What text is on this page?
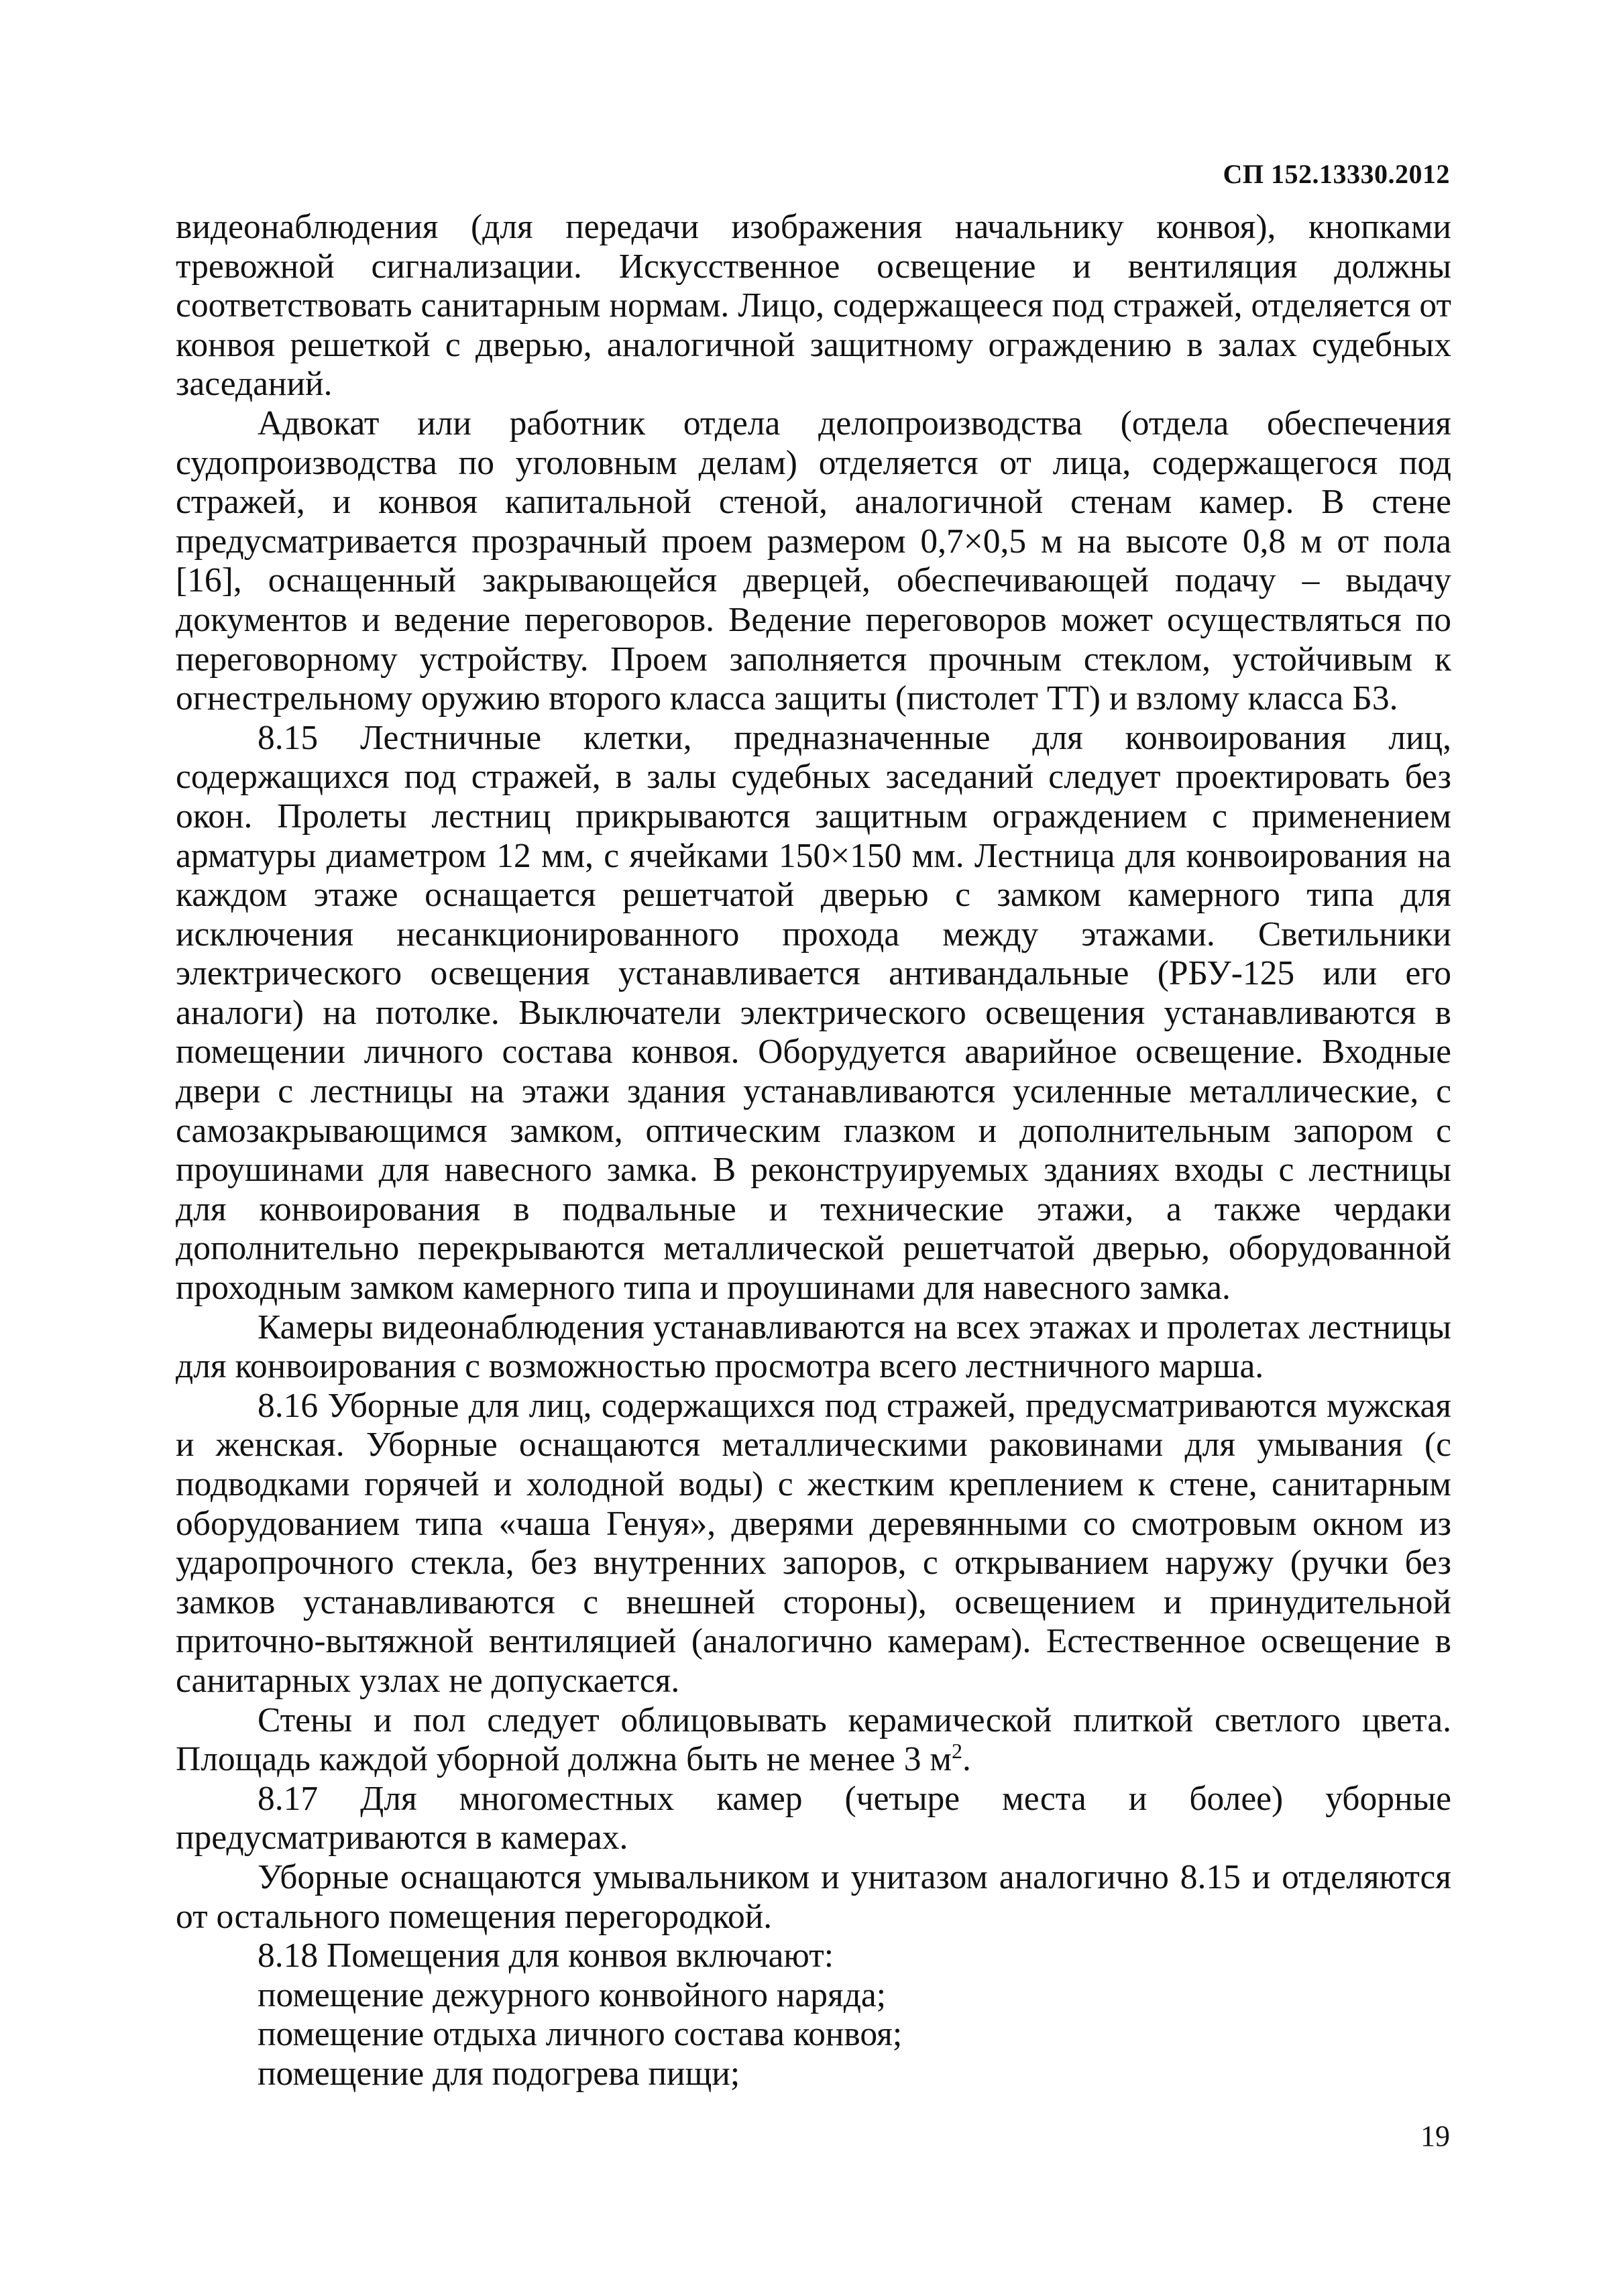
СП 152.13330.2012

видеонаблюдения (для передачи изображения начальнику конвоя), кнопками тревожной сигнализации. Искусственное освещение и вентиляция должны соответствовать санитарным нормам. Лицо, содержащееся под стражей, отделяется от конвоя решеткой с дверью, аналогичной защитному ограждению в залах судебных заседаний.

Адвокат или работник отдела делопроизводства (отдела обеспечения судопроизводства по уголовным делам) отделяется от лица, содержащегося под стражей, и конвоя капитальной стеной, аналогичной стенам камер. В стене предусматривается прозрачный проем размером 0,7×0,5 м на высоте 0,8 м от пола [16], оснащенный закрывающейся дверцей, обеспечивающей подачу – выдачу документов и ведение переговоров. Ведение переговоров может осуществляться по переговорному устройству. Проем заполняется прочным стеклом, устойчивым к огнестрельному оружию второго класса защиты (пистолет ТТ) и взлому класса Б3.

8.15 Лестничные клетки, предназначенные для конвоирования лиц, содержащихся под стражей, в залы судебных заседаний следует проектировать без окон. Пролеты лестниц прикрываются защитным ограждением с применением арматуры диаметром 12 мм, с ячейками 150×150 мм. Лестница для конвоирования на каждом этаже оснащается решетчатой дверью с замком камерного типа для исключения несанкционированного прохода между этажами. Светильники электрического освещения устанавливается антивандальные (РБУ-125 или его аналоги) на потолке. Выключатели электрического освещения устанавливаются в помещении личного состава конвоя. Оборудуется аварийное освещение. Входные двери с лестницы на этажи здания устанавливаются усиленные металлические, с самозакрывающимся замком, оптическим глазком и дополнительным запором с проушинами для навесного замка. В реконструируемых зданиях входы с лестницы для конвоирования в подвальные и технические этажи, а также чердаки дополнительно перекрываются металлической решетчатой дверью, оборудованной проходным замком камерного типа и проушинами для навесного замка.

Камеры видеонаблюдения устанавливаются на всех этажах и пролетах лестницы для конвоирования с возможностью просмотра всего лестничного марша.

8.16 Уборные для лиц, содержащихся под стражей, предусматриваются мужская и женская. Уборные оснащаются металлическими раковинами для умывания (с подводками горячей и холодной воды) с жестким креплением к стене, санитарным оборудованием типа «чаша Генуя», дверями деревянными со смотровым окном из ударопрочного стекла, без внутренних запоров, с открыванием наружу (ручки без замков устанавливаются с внешней стороны), освещением и принудительной приточно-вытяжной вентиляцией (аналогично камерам). Естественное освещение в санитарных узлах не допускается.

Стены и пол следует облицовывать керамической плиткой светлого цвета. Площадь каждой уборной должна быть не менее 3 $м^2$.

8.17 Для многоместных камер (четыре места и более) уборные предусматриваются в камерах.

Уборные оснащаются умывальником и унитазом аналогично 8.15 и отделяются от остального помещения перегородкой.

8.18 Помещения для конвоя включают:

помещение дежурного конвойного наряда;

помещение отдыха личного состава конвоя;

помещение для подогрева пищи;

19
